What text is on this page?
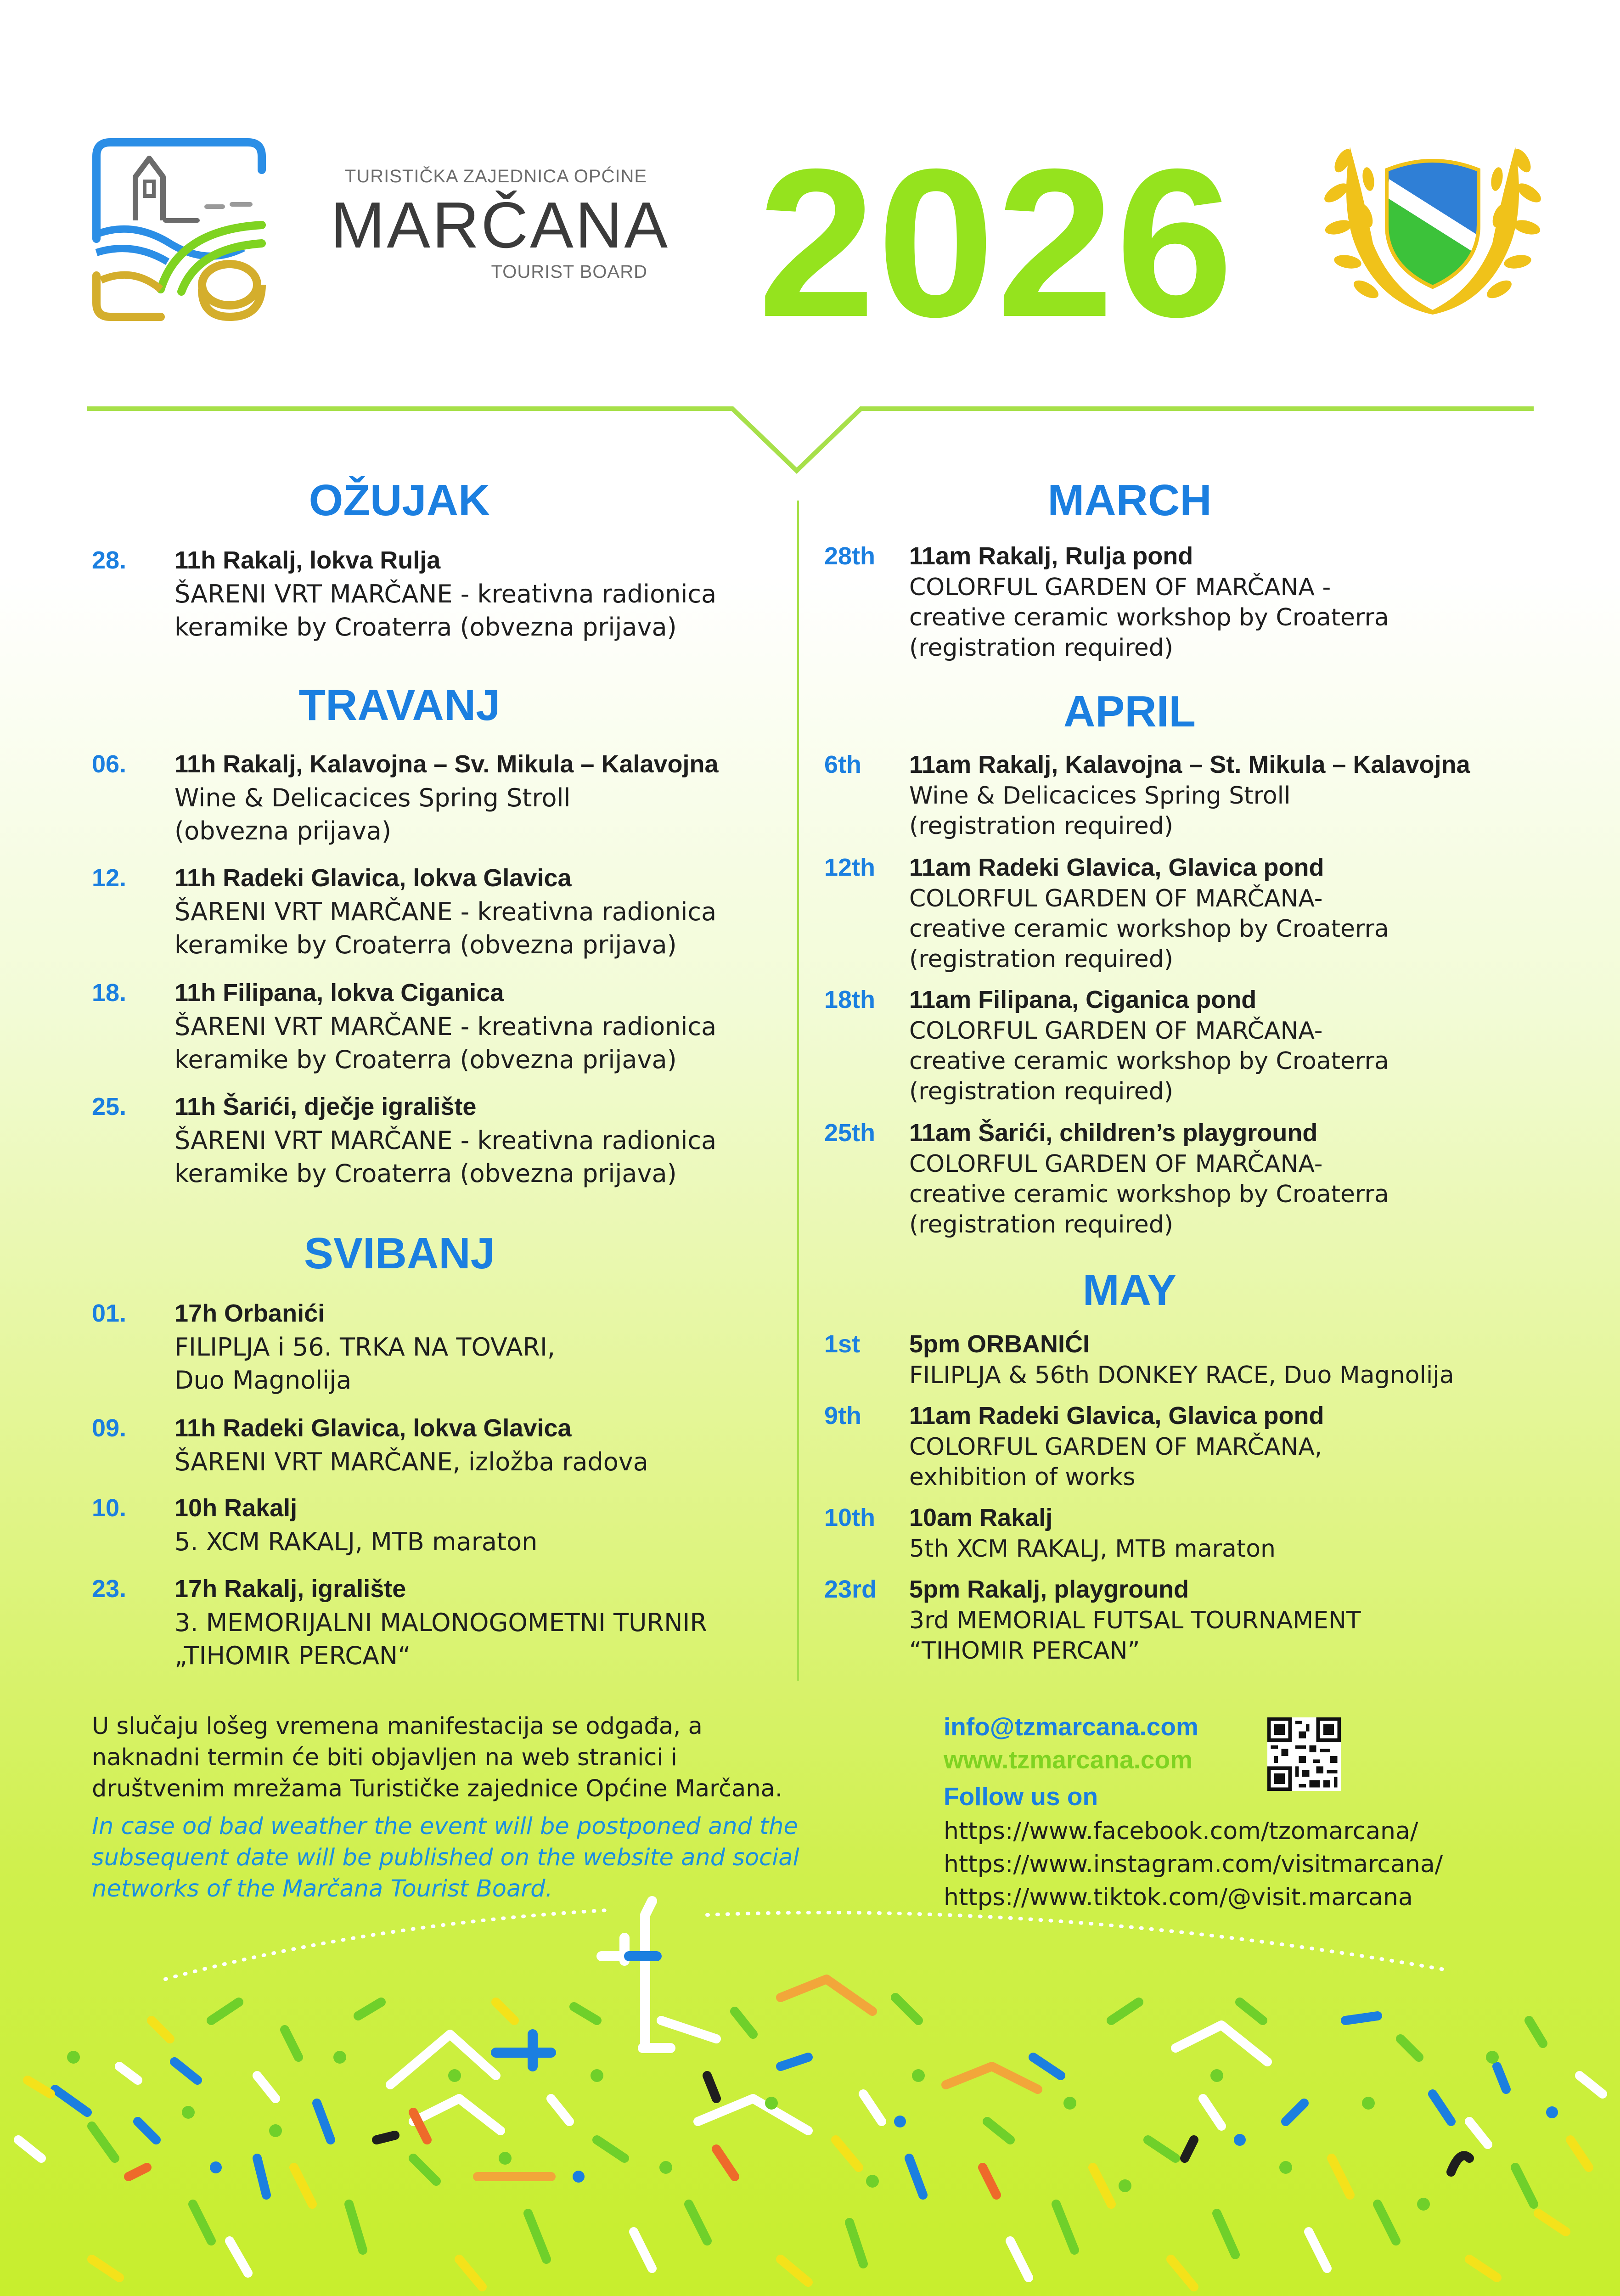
TURISTIČKA ZAJEDNICA OPĆINE
MARČANA
TOURIST BOARD 2026
OŽUJAK
28. 11h Rakalj, lokva Rulja
ŠARENI VRT MARČANE - kreativna radionica
keramike by Croaterra (obvezna prijava)
TRAVANJ
06. 11h Rakalj, Kalavojna – Sv. Mikula – Kalavojna
Wine & Delicacices Spring Stroll
(obvezna prijava)
12. 11h Radeki Glavica, lokva Glavica
ŠARENI VRT MARČANE - kreativna radionica
keramike by Croaterra (obvezna prijava)
18. 11h Filipana, lokva Ciganica
ŠARENI VRT MARČANE - kreativna radionica
keramike by Croaterra (obvezna prijava)
25. 11h Šarići, dječje igralište
ŠARENI VRT MARČANE - kreativna radionica
keramike by Croaterra (obvezna prijava)
SVIBANJ
01. 17h Orbanići
FILIPLJA i 56. TRKA NA TOVARI,
Duo Magnolija
09. 11h Radeki Glavica, lokva Glavica
ŠARENI VRT MARČANE, izložba radova
10. 10h Rakalj
5. XCM RAKALJ, MTB maraton
23. 17h Rakalj, igralište
3. MEMORIJALNI MALONOGOMETNI TURNIR
„TIHOMIR PERCAN“
MARCH
28th 11am Rakalj, Rulja pond
COLORFUL GARDEN OF MARČANA -
creative ceramic workshop by Croaterra
(registration required)
APRIL
6th 11am Rakalj, Kalavojna – St. Mikula – Kalavojna
Wine & Delicacices Spring Stroll
(registration required)
12th 11am Radeki Glavica, Glavica pond
COLORFUL GARDEN OF MARČANA-
creative ceramic workshop by Croaterra
(registration required)
18th 11am Filipana, Ciganica pond
COLORFUL GARDEN OF MARČANA-
creative ceramic workshop by Croaterra
(registration required)
25th 11am Šarići, children’s playground
COLORFUL GARDEN OF MARČANA-
creative ceramic workshop by Croaterra
(registration required)
MAY
1st 5pm ORBANIĆI
FILIPLJA & 56th DONKEY RACE, Duo Magnolija
9th 11am Radeki Glavica, Glavica pond
COLORFUL GARDEN OF MARČANA,
exhibition of works
10th 10am Rakalj
5th XCM RAKALJ, MTB maraton
23rd 5pm Rakalj, playground
3rd MEMORIAL FUTSAL TOURNAMENT
“TIHOMIR PERCAN”
U slučaju lošeg vremena manifestacija se odgađa, a
naknadni termin će biti objavljen na web stranici i
društvenim mrežama Turističke zajednice Općine Marčana.
In case od bad weather the event will be postponed and the
subsequent date will be published on the website and social
networks of the Marčana Tourist Board.
info@tzmarcana.com
www.tzmarcana.com
Follow us on
https://www.facebook.com/tzomarcana/
https://www.instagram.com/visitmarcana/
https://www.tiktok.com/@visit.marcana
